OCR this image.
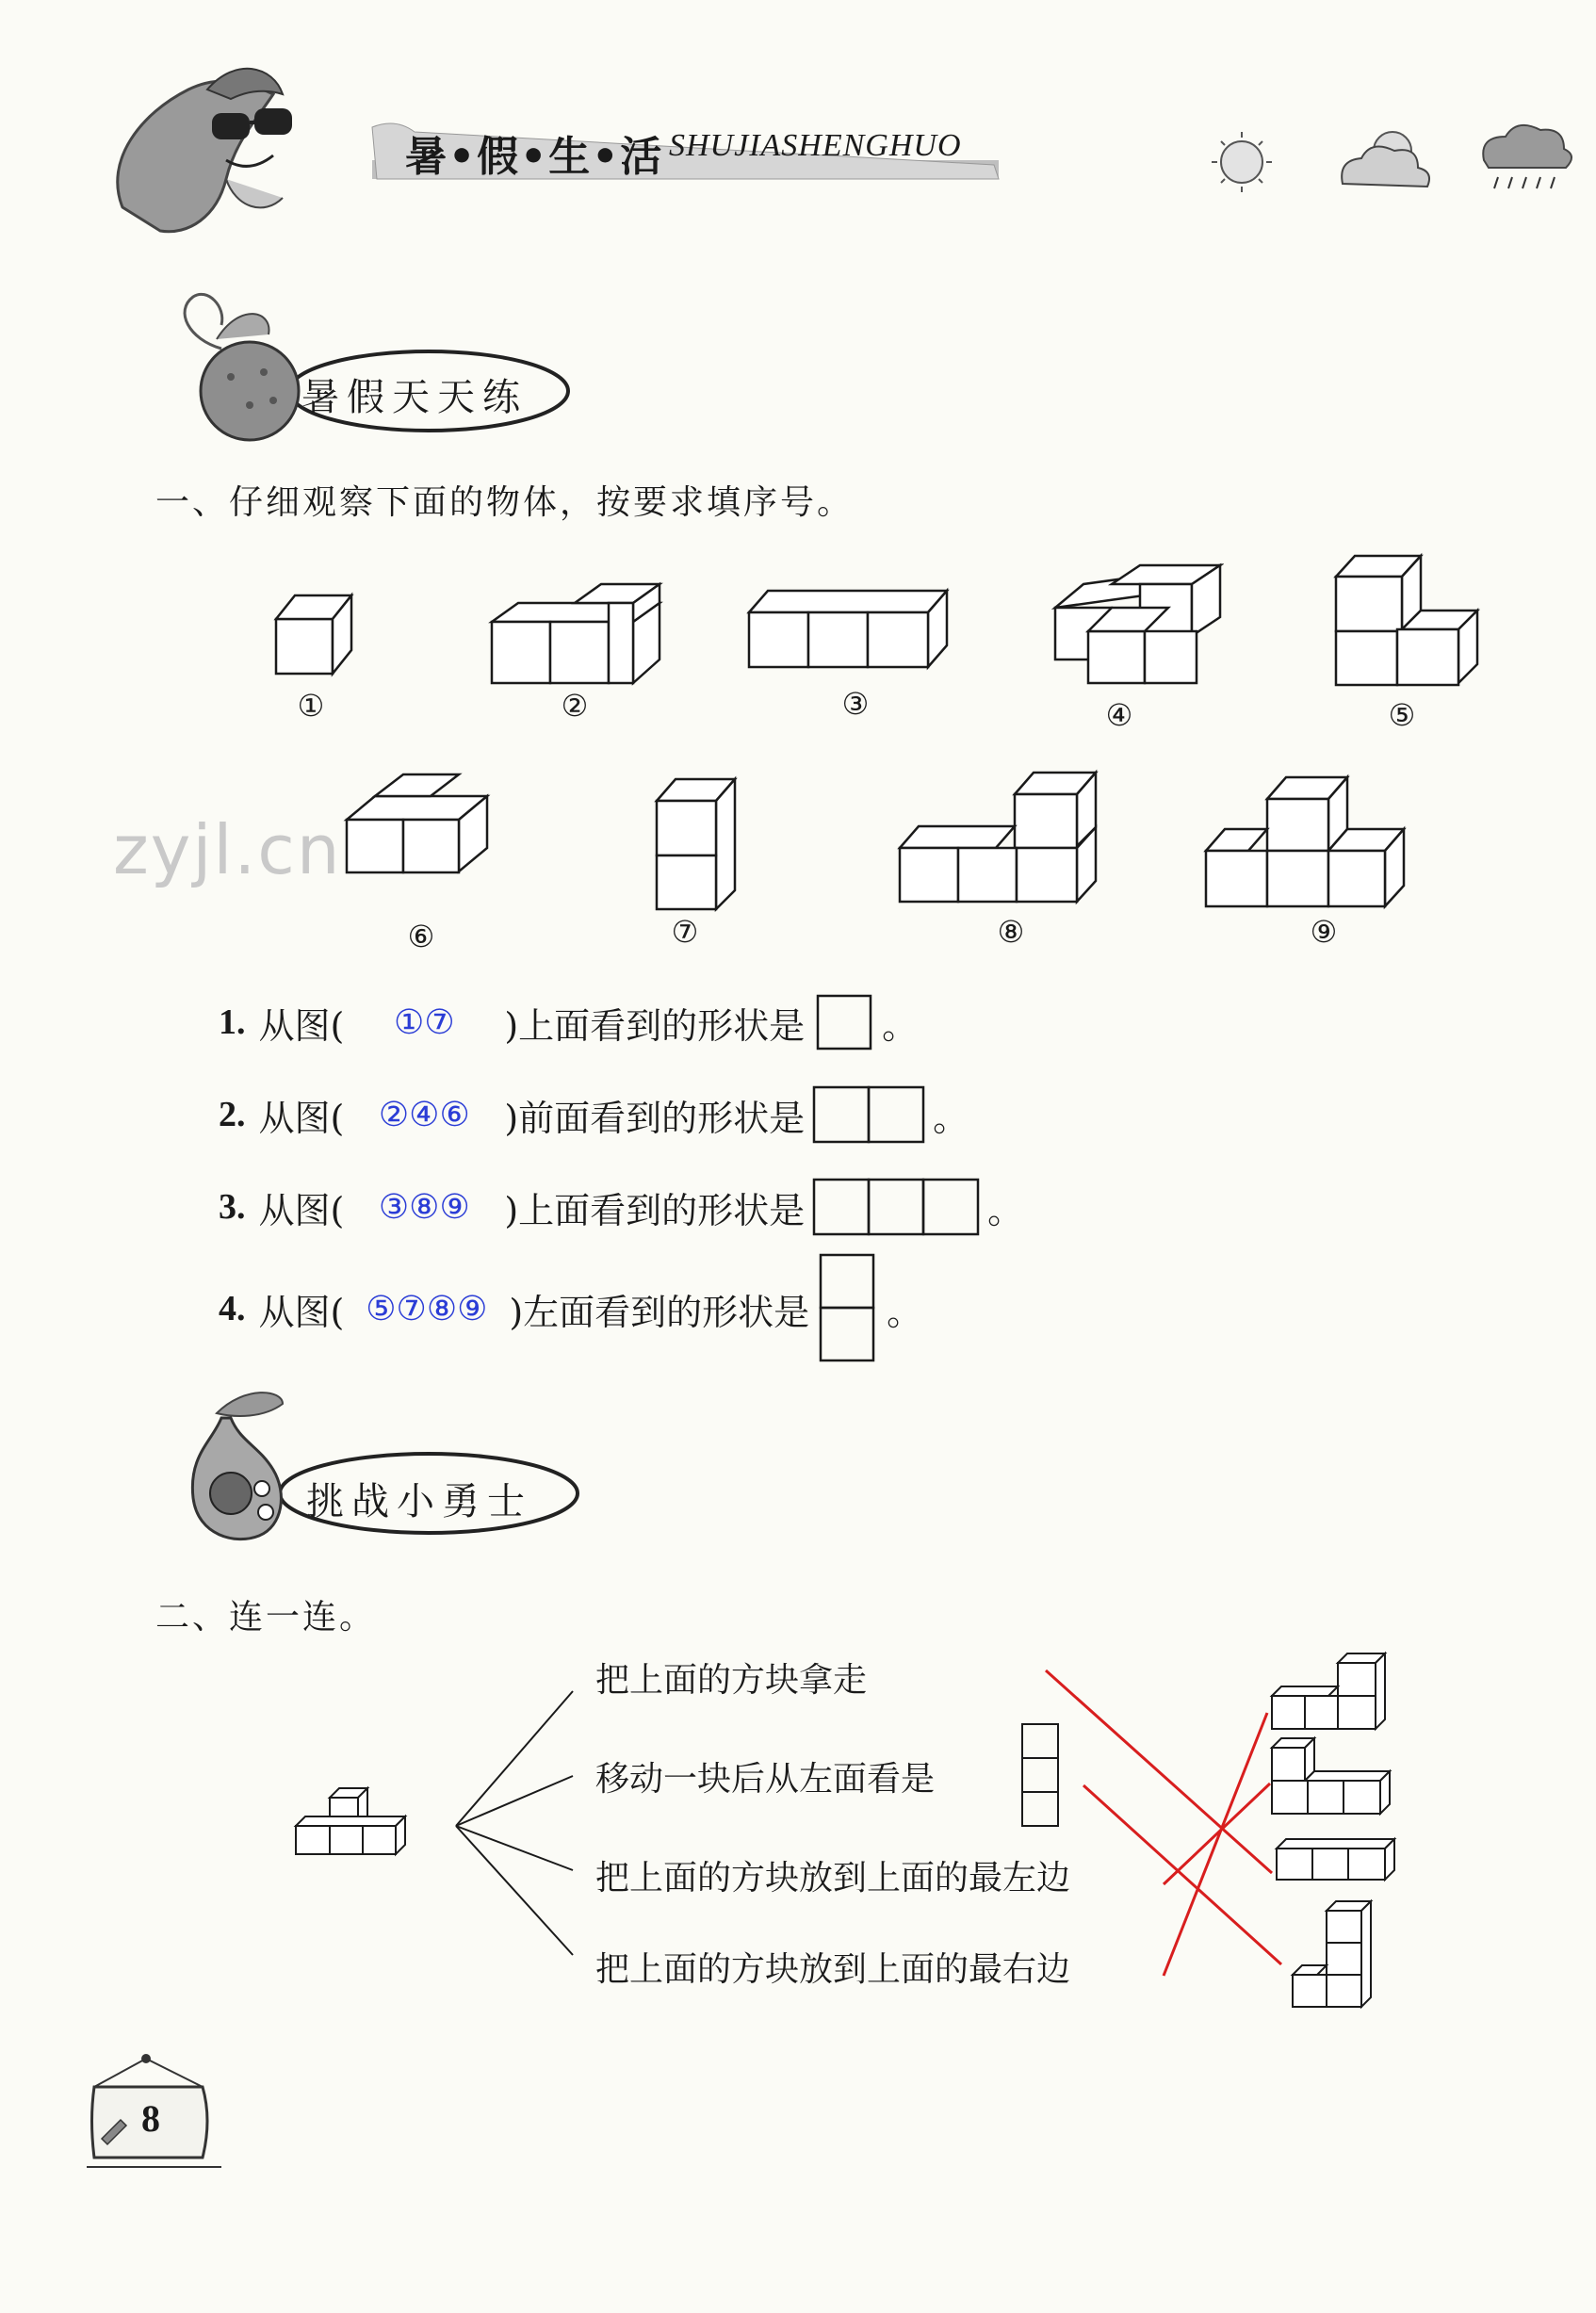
暑•假•生•活 SHUJIASHENGHUO
暑假天天练
一、仔细观察下面的物体，按要求填序号。
zyjl.cn
①	②	③	④	⑤
⑥	⑦	⑧	⑨
1. 从图(	①⑦	)上面看到的形状是 。
2. 从图(	②④⑥ )前面看到的形状是	。
3. 从图(	③⑧⑨ )上面看到的形状是	。
4. 从图( ⑤⑦⑧⑨ )左面看到的形状是 。
挑战小勇士
二、连一连。
把上面的方块拿走
移动一块后从左面看是
把上面的方块放到上面的最左边
把上面的方块放到上面的最右边
8
